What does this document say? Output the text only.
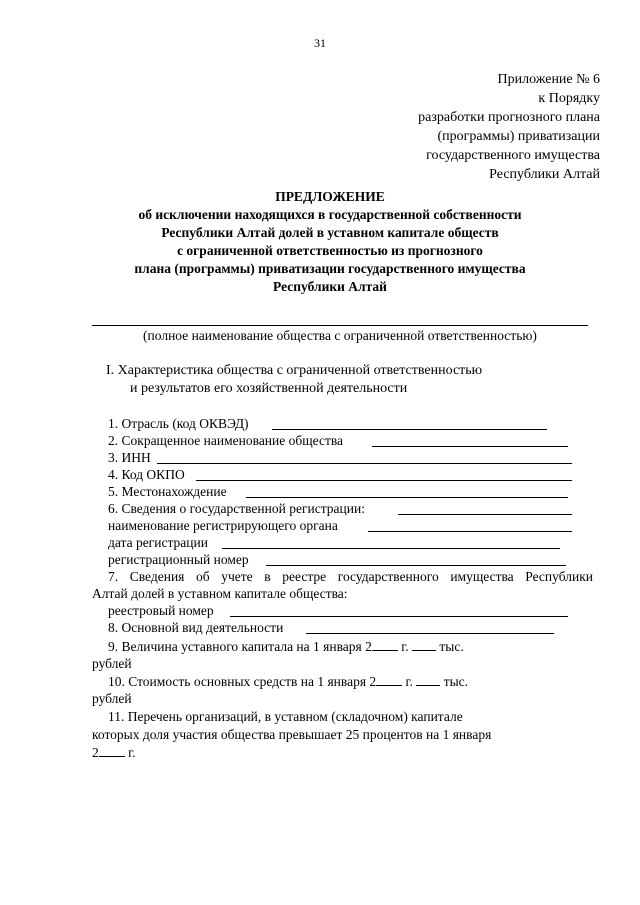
31
Приложение № 6
к Порядку
разработки прогнозного плана
(программы) приватизации
государственного имущества
Республики Алтай
ПРЕДЛОЖЕНИЕ
об исключении находящихся в государственной собственности
Республики Алтай долей в уставном капитале обществ
с ограниченной ответственностью из прогнозного
плана (программы) приватизации государственного имущества
Республики Алтай
(полное наименование общества с ограниченной ответственностью)
I. Характеристика общества с ограниченной ответственностью
и результатов его хозяйственной деятельности
1. Отрасль (код ОКВЭД)
2. Сокращенное наименование общества
3. ИНН
4. Код ОКПО
5. Местонахождение
6. Сведения о государственной регистрации:
наименование регистрирующего органа
дата регистрации
регистрационный номер
7. Сведения об учете в реестре государственного имущества Республики
Алтай долей в уставном капитале общества:
реестровый номер
8. Основной вид деятельности
9. Величина уставного капитала на 1 января 2 г. тыс.
рублей
10. Стоимость основных средств на 1 января 2 г. тыс.
рублей
11. Перечень организаций, в уставном (складочном) капитале
которых доля участия общества превышает 25 процентов на 1 января
2 г.
